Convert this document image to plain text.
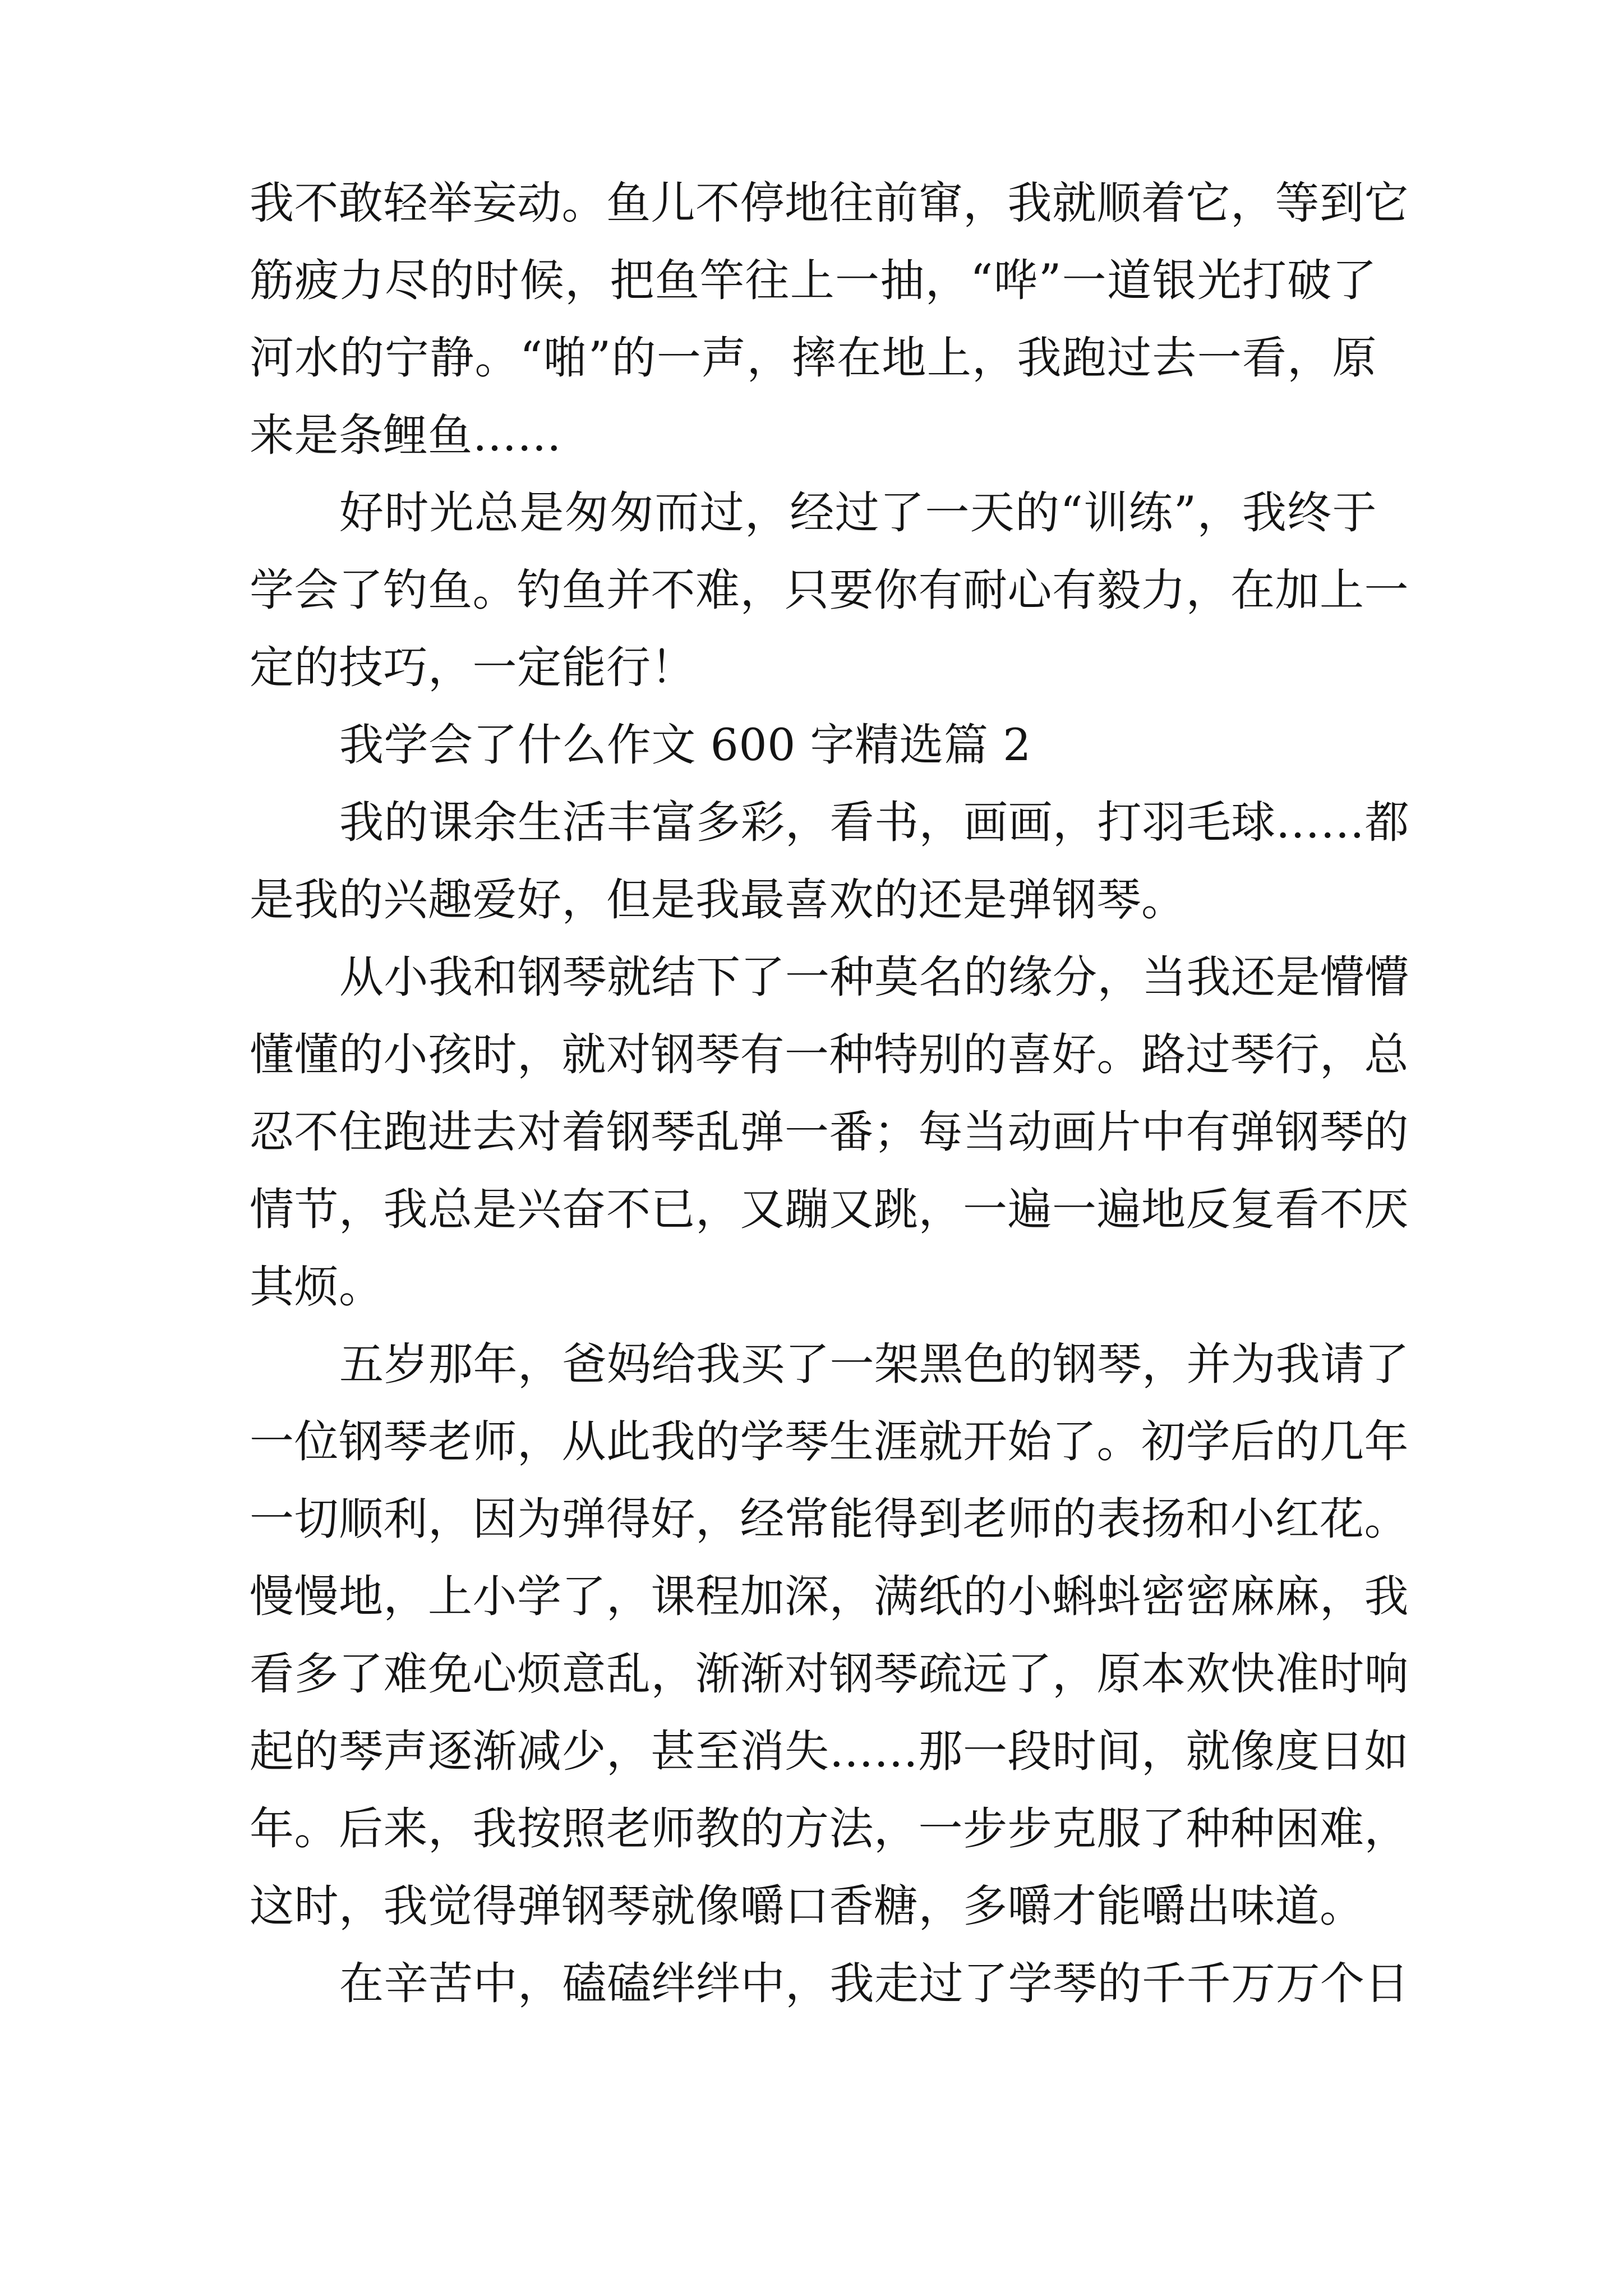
我不敢轻举妄动。鱼儿不停地往前窜，我就顺着它，等到它
筋疲力尽的时候，把鱼竿往上一抽，“哗”一道银光打破了
河水的宁静。“啪”的一声，摔在地上，我跑过去一看，原
来是条鲤鱼……
好时光总是匆匆而过，经过了一天的“训练”，我终于
学会了钓鱼。钓鱼并不难，只要你有耐心有毅力，在加上一
定的技巧，一定能行！
我学会了什么作文 600 字精选篇 2
我的课余生活丰富多彩，看书，画画，打羽毛球……都
是我的兴趣爱好，但是我最喜欢的还是弹钢琴。
从小我和钢琴就结下了一种莫名的缘分，当我还是懵懵
懂懂的小孩时，就对钢琴有一种特别的喜好。路过琴行，总
忍不住跑进去对着钢琴乱弹一番；每当动画片中有弹钢琴的
情节，我总是兴奋不已，又蹦又跳，一遍一遍地反复看不厌
其烦。
五岁那年，爸妈给我买了一架黑色的钢琴，并为我请了
一位钢琴老师，从此我的学琴生涯就开始了。初学后的几年
一切顺利，因为弹得好，经常能得到老师的表扬和小红花。
慢慢地，上小学了，课程加深，满纸的小蝌蚪密密麻麻，我
看多了难免心烦意乱，渐渐对钢琴疏远了，原本欢快准时响
起的琴声逐渐减少，甚至消失……那一段时间，就像度日如
年。后来，我按照老师教的方法，一步步克服了种种困难，
这时，我觉得弹钢琴就像嚼口香糖，多嚼才能嚼出味道。
在辛苦中，磕磕绊绊中，我走过了学琴的千千万万个日
